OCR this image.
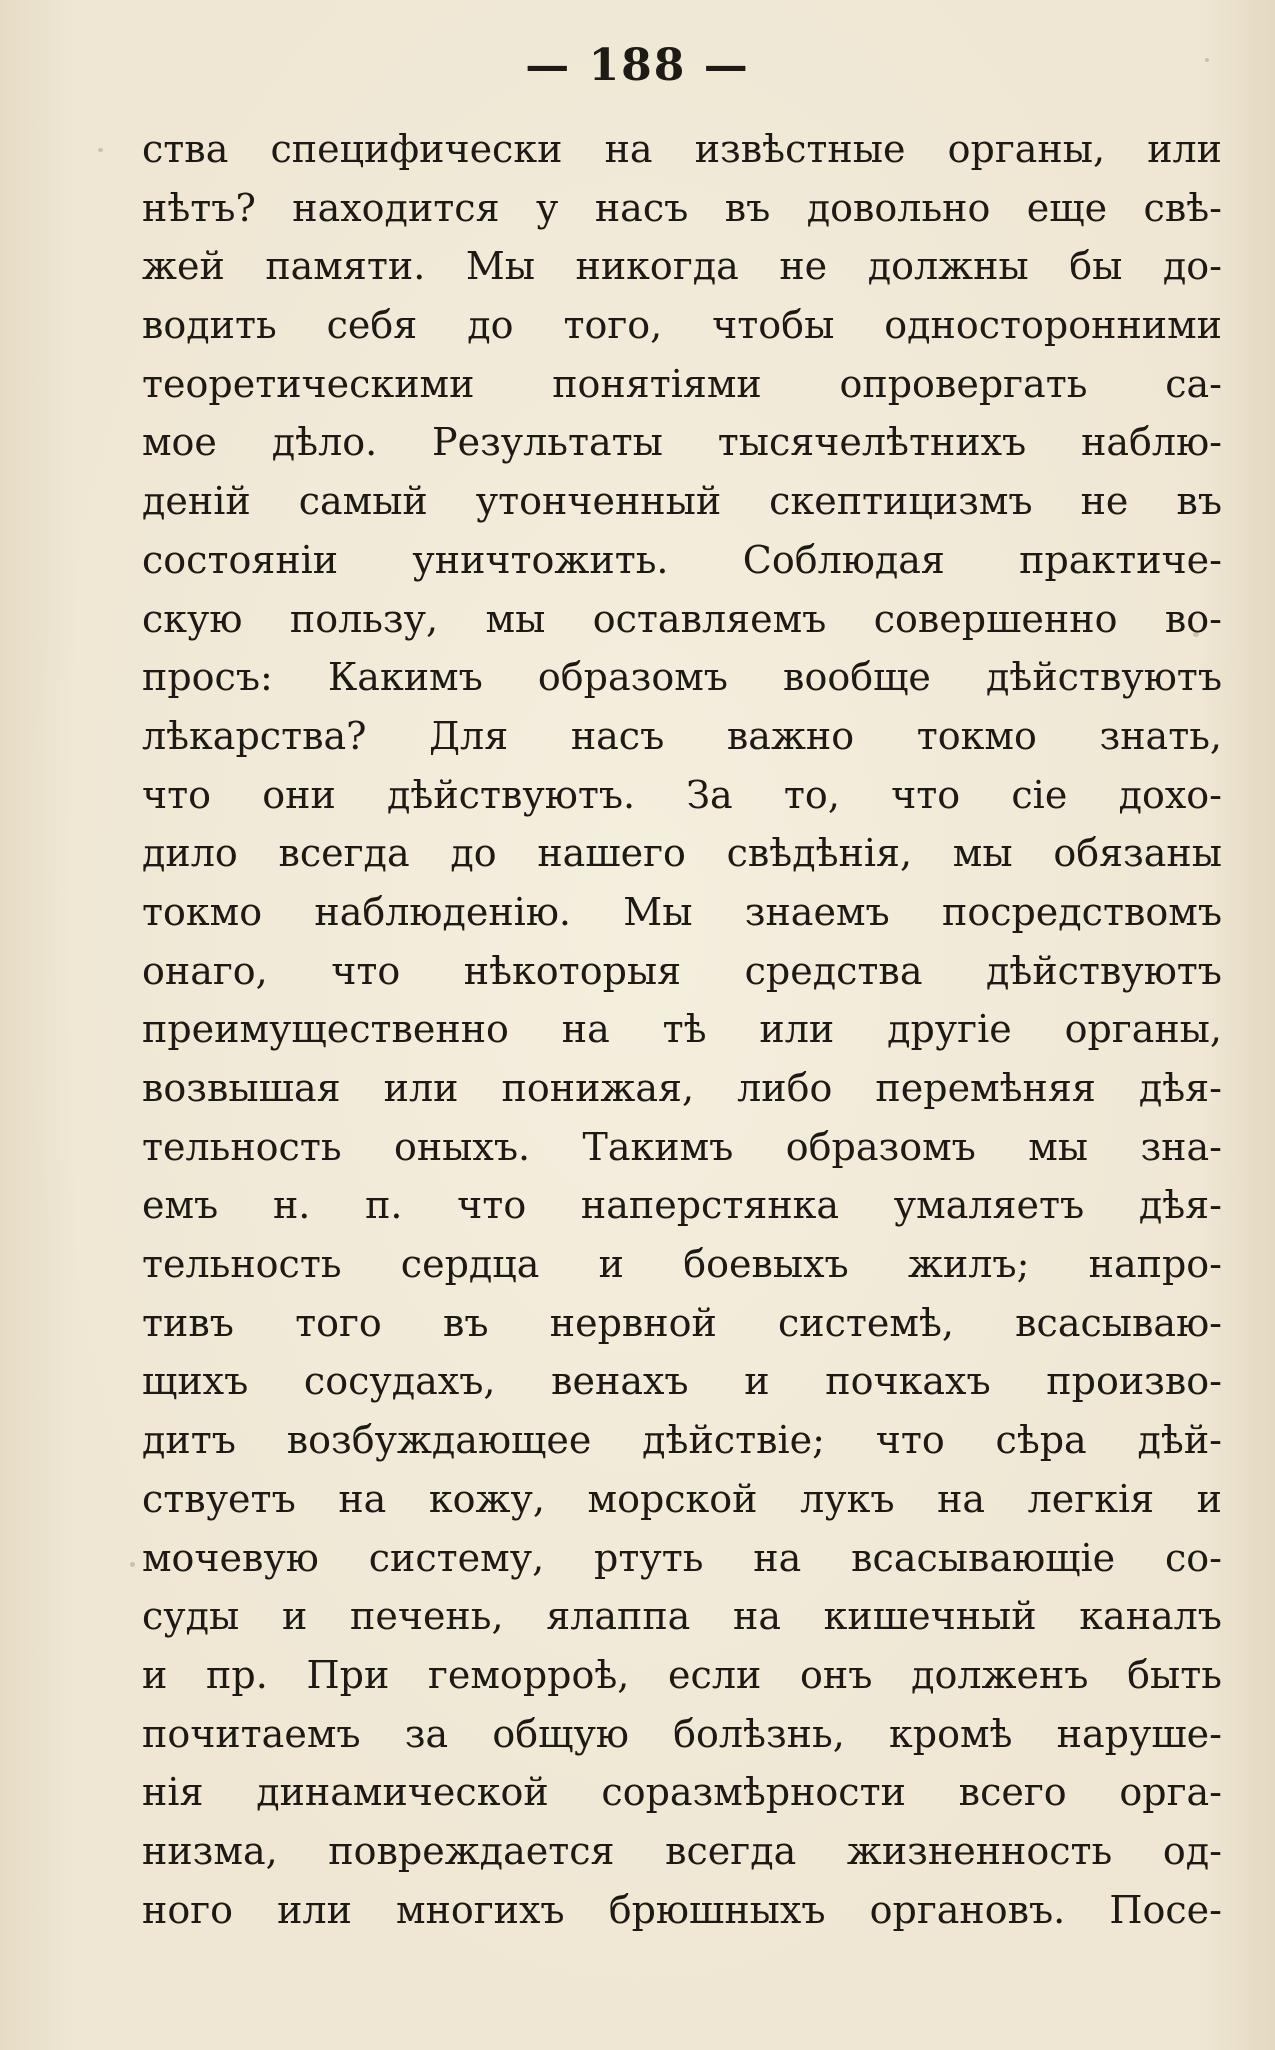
— 188 —
ства специфически на извѣстные органы, или
нѣтъ? находится у насъ въ довольно еще свѣ-
жей памяти. Мы никогда не должны бы до-
водить себя до того, чтобы односторонними
теоретическими понятіями опровергать са-
мое дѣло. Результаты тысячелѣтнихъ наблю-
деній самый утонченный скептицизмъ не въ
состояніи уничтожить. Соблюдая практиче-
скую пользу, мы оставляемъ совершенно во-
просъ: Какимъ образомъ вообще дѣйствуютъ
лѣкарства? Для насъ важно токмо знать,
что они дѣйствуютъ. За то, что сіе дохо-
дило всегда до нашего свѣдѣнія, мы обязаны
токмо наблюденію. Мы знаемъ посредствомъ
онаго, что нѣкоторыя средства дѣйствуютъ
преимущественно на тѣ или другіе органы,
возвышая или понижая, либо перемѣняя дѣя-
тельность оныхъ. Такимъ образомъ мы зна-
емъ н. п. что наперстянка умаляетъ дѣя-
тельность сердца и боевыхъ жилъ; напро-
тивъ того въ нервной системѣ, всасываю-
щихъ сосудахъ, венахъ и почкахъ произво-
дитъ возбуждающее дѣйствіе; что сѣра дѣй-
ствуетъ на кожу, морской лукъ на легкія и
мочевую систему, ртуть на всасывающіе со-
суды и печень, ялаппа на кишечный каналъ
и пр. При геморроѣ, если онъ долженъ быть
почитаемъ за общую болѣзнь, кромѣ наруше-
нія динамической соразмѣрности всего орга-
низма, повреждается всегда жизненность од-
ного или многихъ брюшныхъ органовъ. Посе-
